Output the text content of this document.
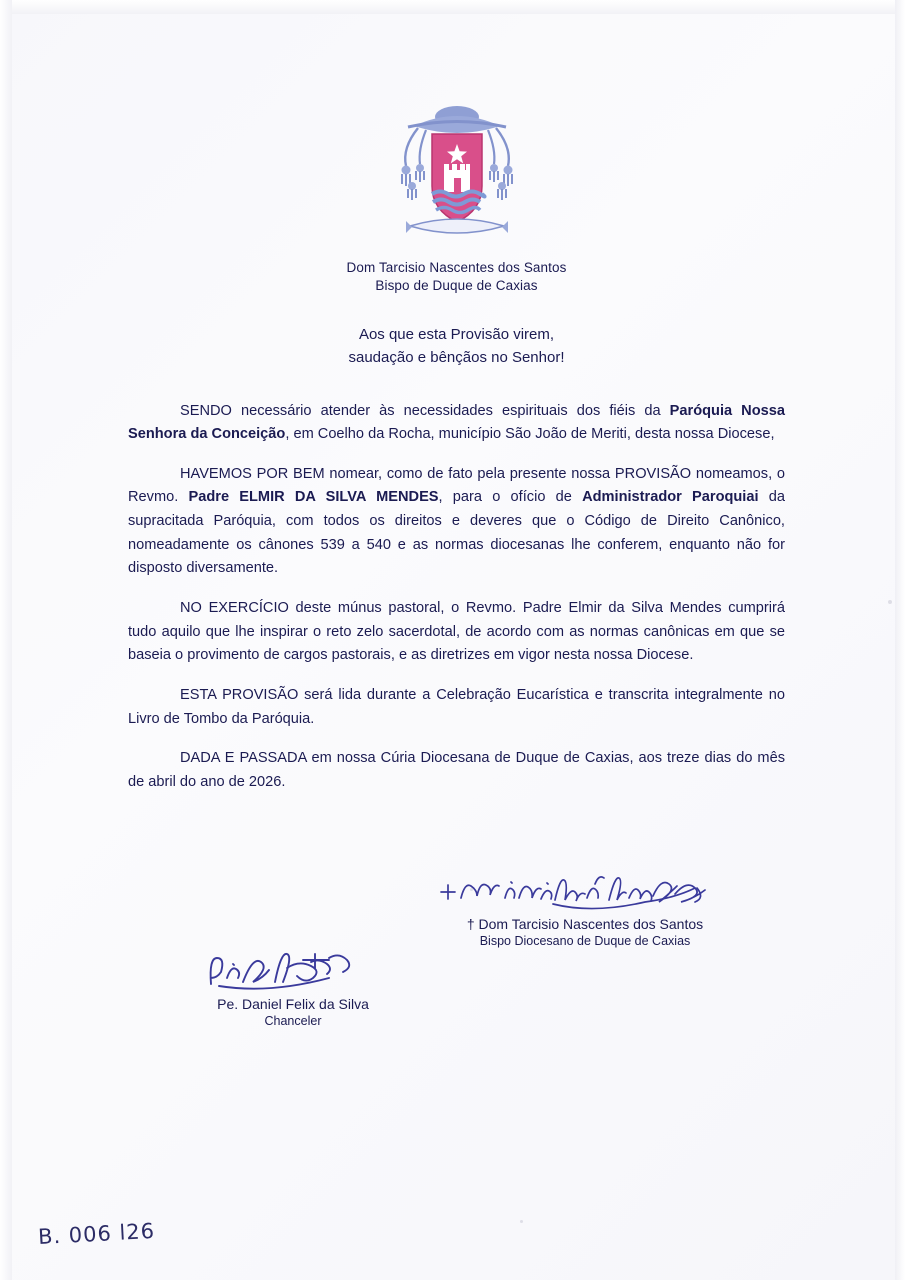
Dom Tarcisio Nascentes dos Santos
Bispo de Duque de Caxias
Aos que esta Provisão virem,
saudação e bênçãos no Senhor!

SENDO necessário atender às necessidades espirituais dos fiéis da Paróquia Nossa Senhora da Conceição, em Coelho da Rocha, município São João de Meriti, desta nossa Diocese,

HAVEMOS POR BEM nomear, como de fato pela presente nossa PROVISÃO nomeamos, o Revmo. Padre ELMIR DA SILVA MENDES, para o ofício de Administrador Paroquiai da supracitada Paróquia, com todos os direitos e deveres que o Código de Direito Canônico, nomeadamente os cânones 539 a 540 e as normas diocesanas lhe conferem, enquanto não for disposto diversamente.

NO EXERCÍCIO deste múnus pastoral, o Revmo. Padre Elmir da Silva Mendes cumprirá tudo aquilo que lhe inspirar o reto zelo sacerdotal, de acordo com as normas canônicas em que se baseia o provimento de cargos pastorais, e as diretrizes em vigor nesta nossa Diocese.

ESTA PROVISÃO será lida durante a Celebração Eucarística e transcrita integralmente no Livro de Tombo da Paróquia.

DADA E PASSADA em nossa Cúria Diocesana de Duque de Caxias, aos treze dias do mês de abril do ano de 2026.

† Dom Tarcisio Nascentes dos Santos
Bispo Diocesano de Duque de Caxias
Pe. Daniel Felix da Silva
Chanceler
B. 006 l26
